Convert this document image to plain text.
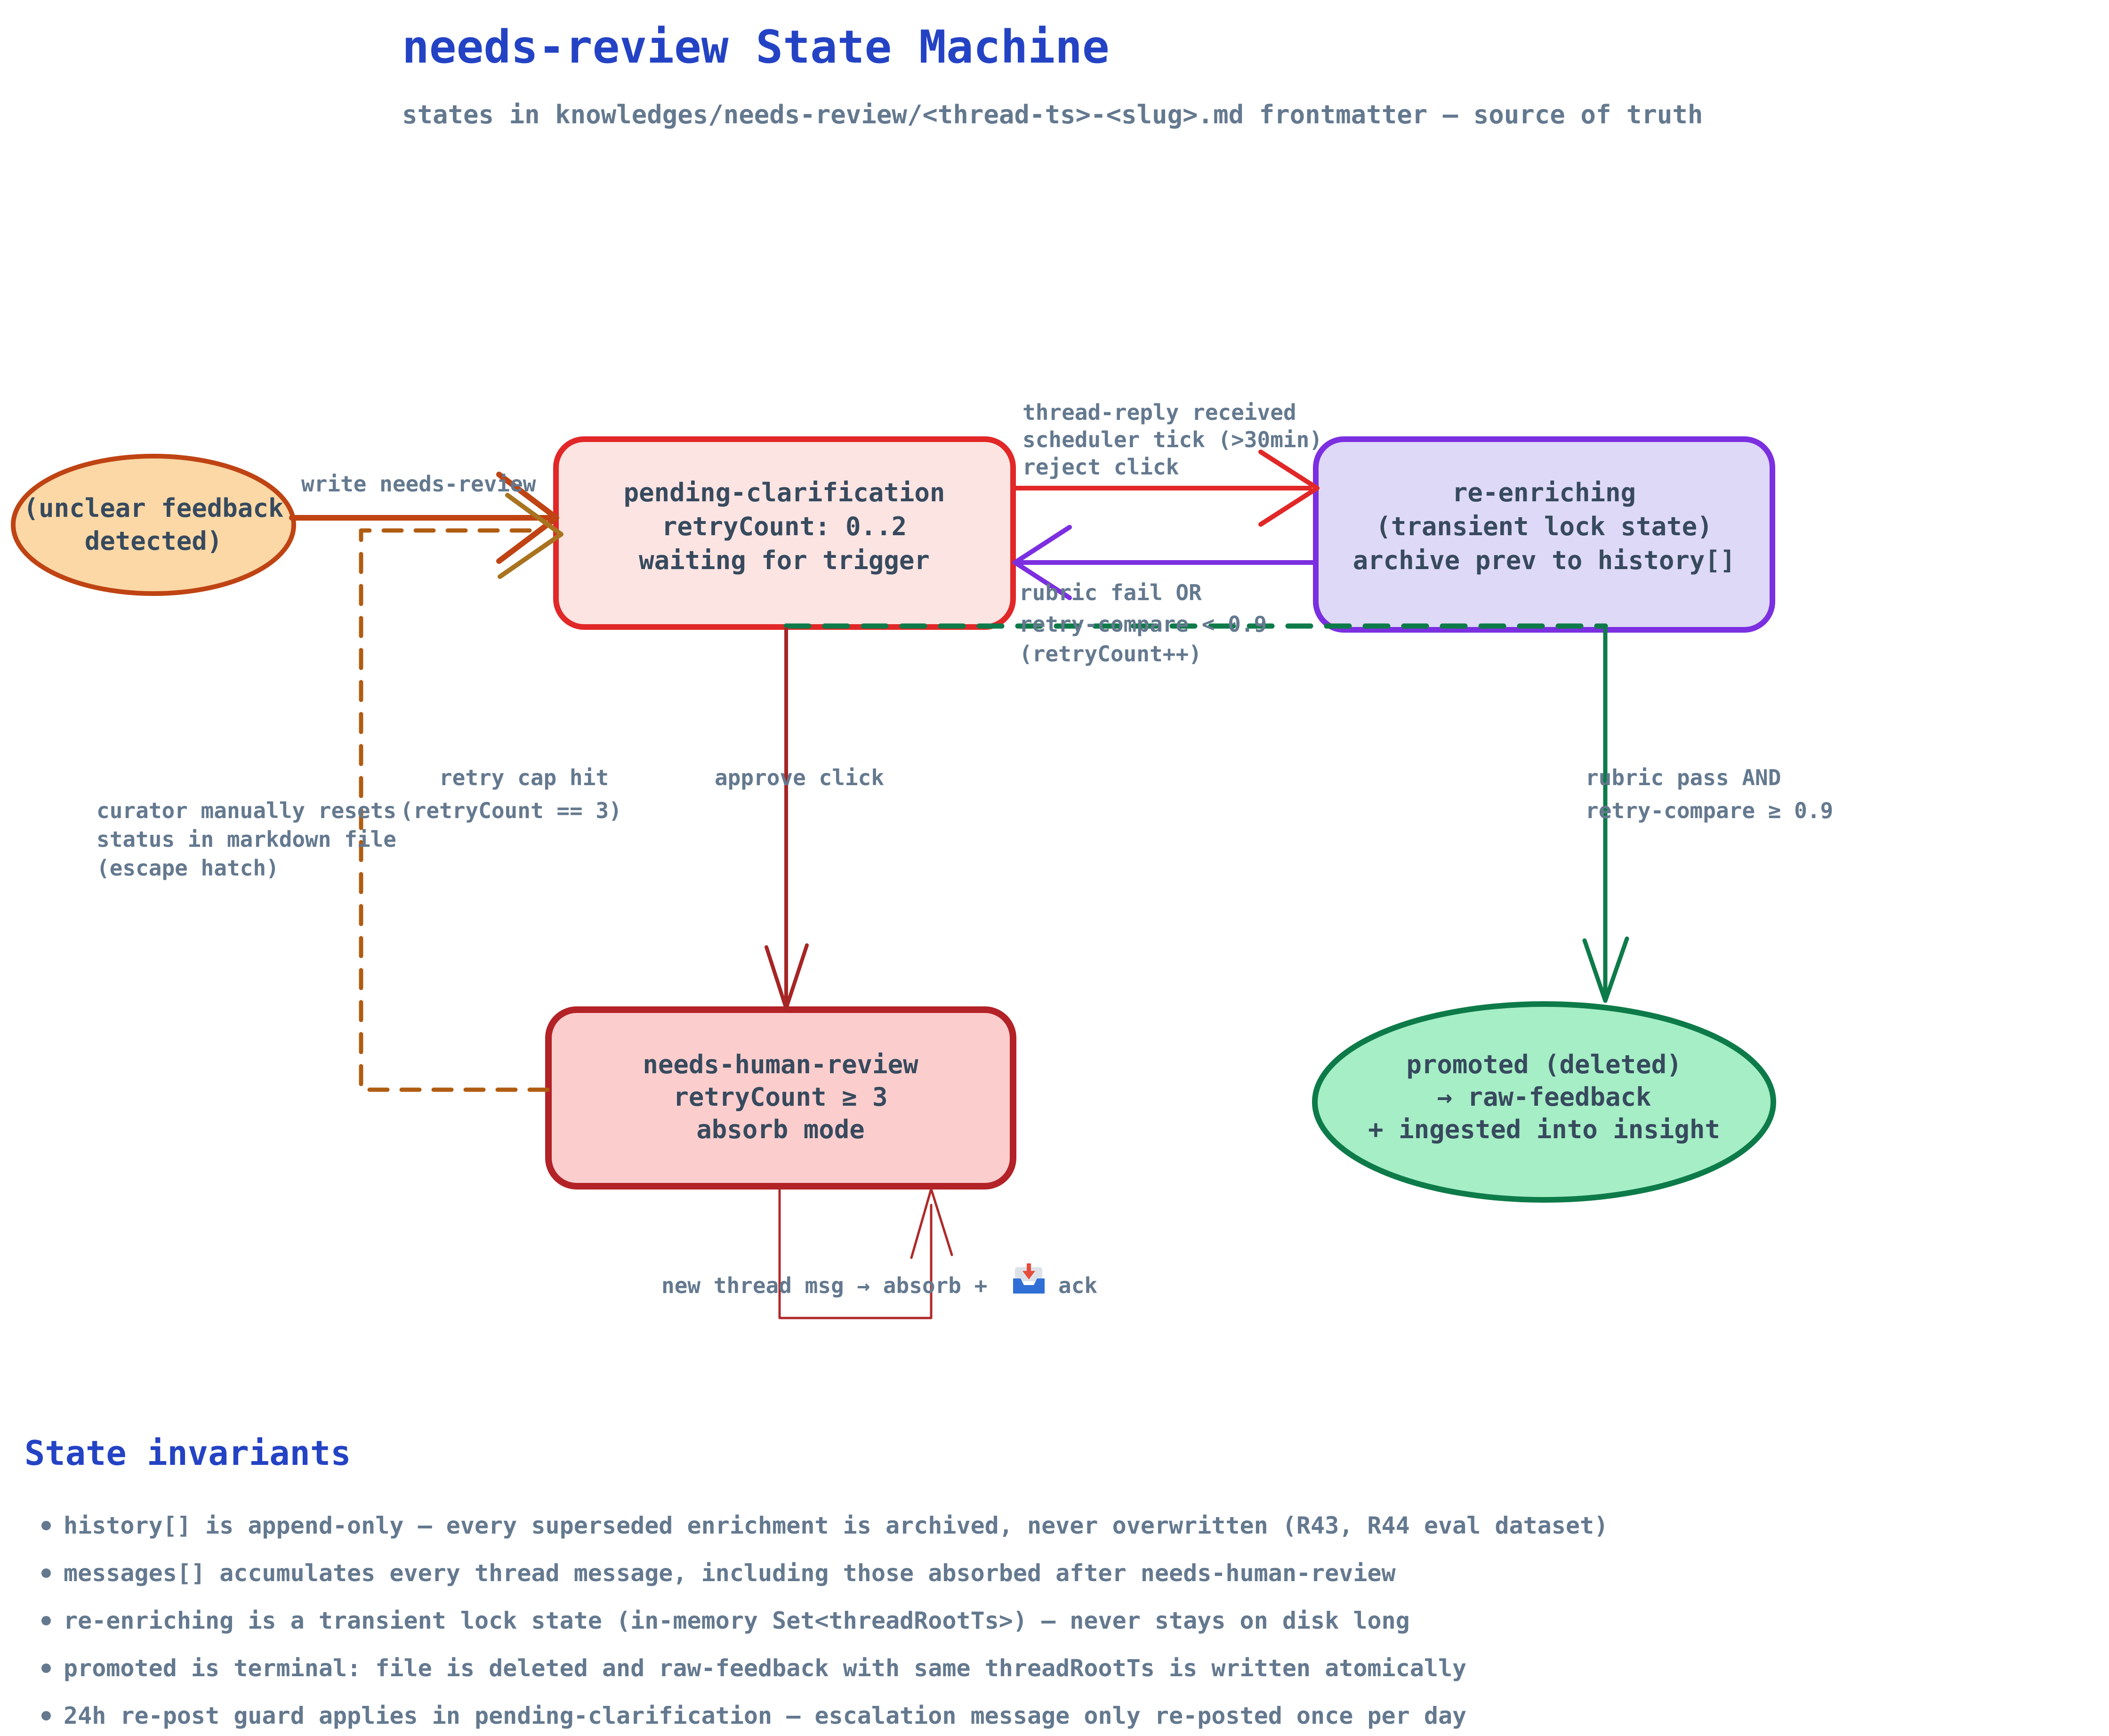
needs-review State Machine
states in knowledges/needs-review/<thread-ts>-<slug>.md frontmatter — source of truth
(unclear feedback
detected)
pending-clarification
retryCount: 0..2
waiting for trigger
re-enriching
(transient lock state)
archive prev to history[]
needs-human-review
retryCount ≥ 3
absorb mode
promoted (deleted)
→ raw-feedback
+ ingested into insight
write needs-review
thread-reply received
scheduler tick (>30min)
reject click
rubric fail OR
retry-compare < 0.9
(retryCount++)
retry cap hit
(retryCount == 3)
approve click
curator manually resets
status in markdown file
(escape hatch)
rubric pass AND
retry-compare ≥ 0.9
new thread msg → absorb +	ack
State invariants
history[] is append-only — every superseded enrichment is archived, never overwritten (R43, R44 eval dataset)
messages[] accumulates every thread message, including those absorbed after needs-human-review
re-enriching is a transient lock state (in-memory Set<threadRootTs>) — never stays on disk long
promoted is terminal: file is deleted and raw-feedback with same threadRootTs is written atomically
24h re-post guard applies in pending-clarification — escalation message only re-posted once per day
